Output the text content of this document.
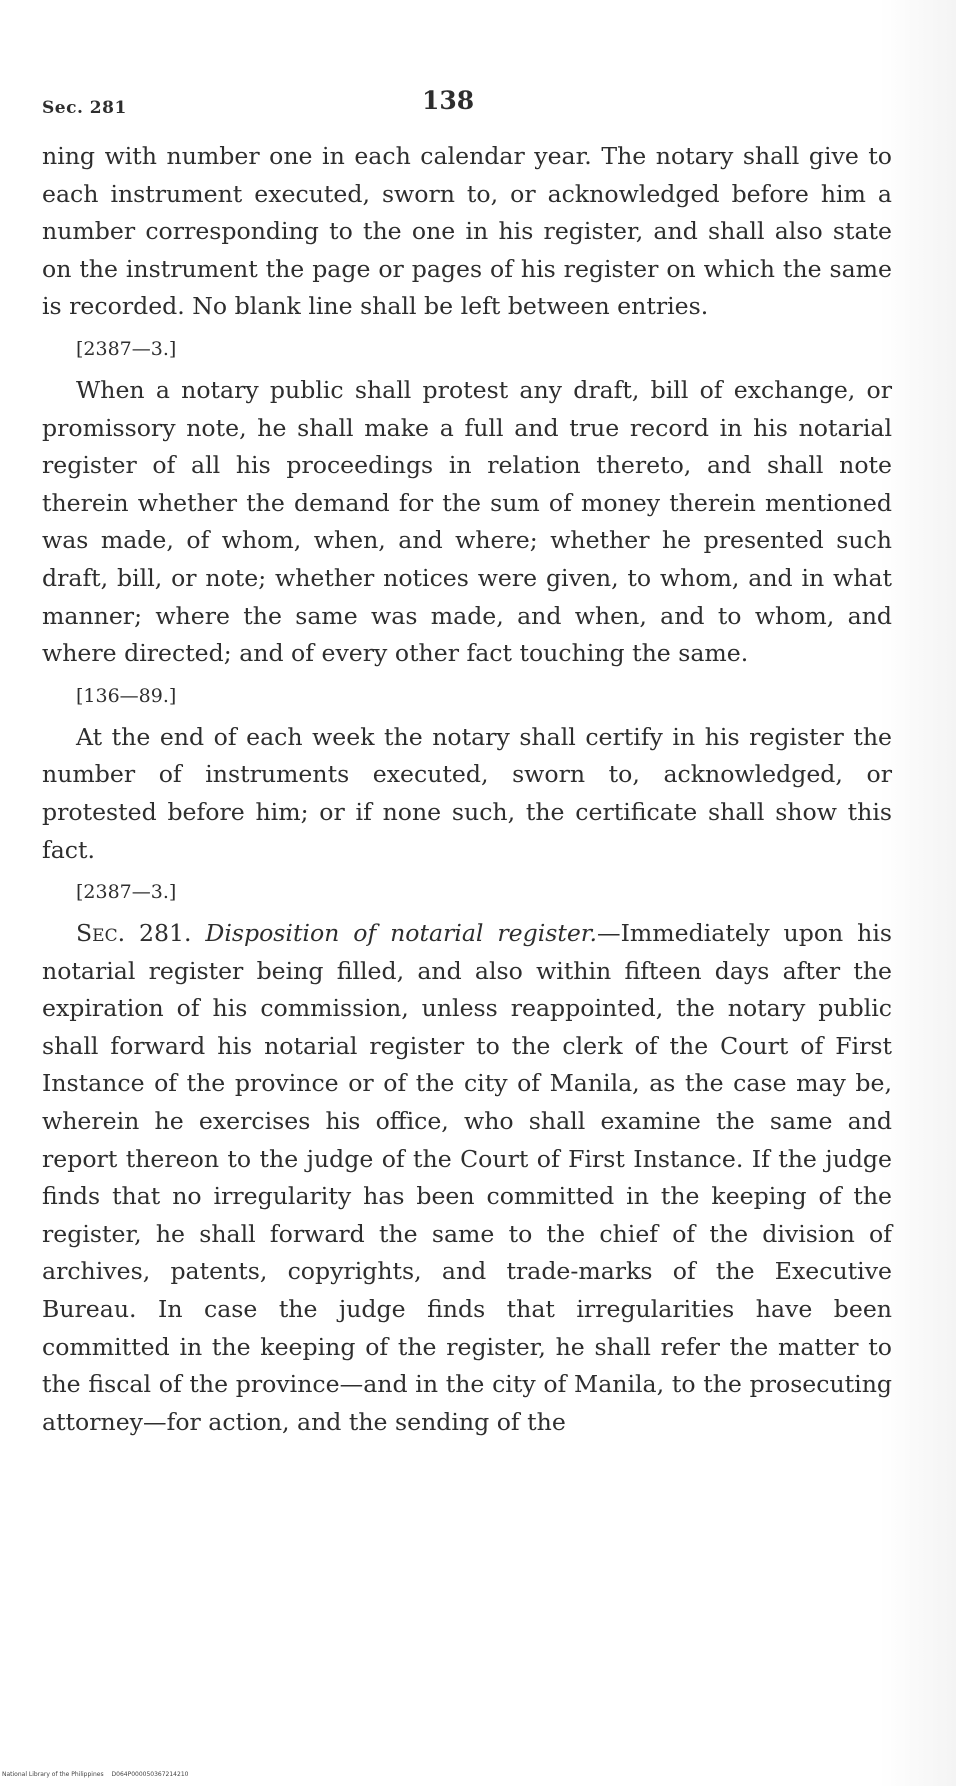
Sec. 281	138

ning with number one in each calendar year. The notary shall give to each instrument executed, sworn to, or acknowledged before him a number corresponding to the one in his register, and shall also state on the instrument the page or pages of his register on which the same is recorded. No blank line shall be left between entries.

[2387—3.]

When a notary public shall protest any draft, bill of exchange, or promissory note, he shall make a full and true record in his notarial register of all his proceedings in relation thereto, and shall note therein whether the demand for the sum of money therein mentioned was made, of whom, when, and where; whether he presented such draft, bill, or note; whether notices were given, to whom, and in what manner; where the same was made, and when, and to whom, and where directed; and of every other fact touching the same.

[136—89.]

At the end of each week the notary shall certify in his register the number of instruments executed, sworn to, acknowledged, or protested before him; or if none such, the certificate shall show this fact.

[2387—3.]

Sec. 281. Disposition of notarial register.—Immediately upon his notarial register being filled, and also within fifteen days after the expiration of his commission, unless reappointed, the notary public shall forward his notarial register to the clerk of the Court of First Instance of the province or of the city of Manila, as the case may be, wherein he exercises his office, who shall examine the same and report thereon to the judge of the Court of First Instance. If the judge finds that no irregularity has been committed in the keeping of the register, he shall forward the same to the chief of the division of archives, patents, copyrights, and trade-marks of the Executive Bureau. In case the judge finds that irregularities have been committed in the keeping of the register, he shall refer the matter to the fiscal of the province—and in the city of Manila, to the prosecuting attorney—for action, and the sending of the

National Library of the Philippines D064P000050367214210
